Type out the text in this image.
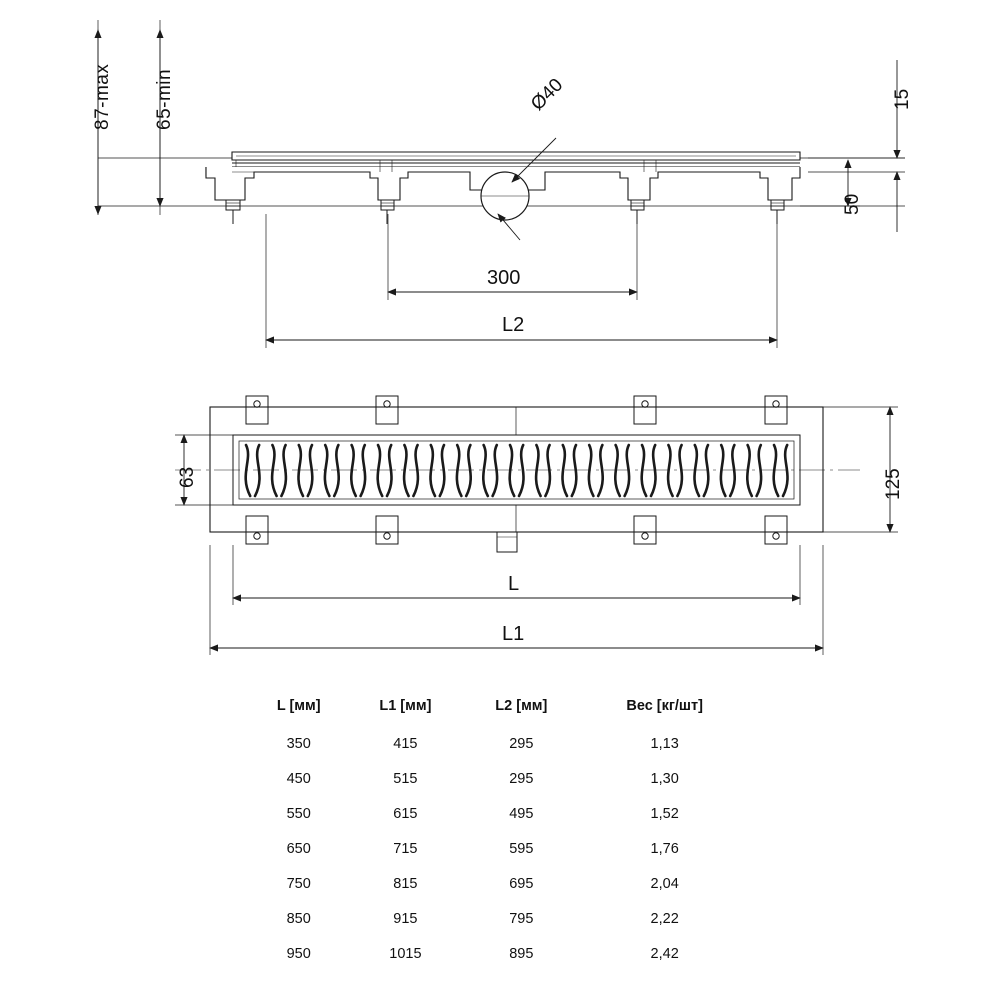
87-max 65-min	Ø40
300
L2
15
50
63	125
L
L1
L [мм]	L1 [мм]	L2 [мм]	Вес [кг/шт]
350	415	295	1,13
450	515	295	1,30
550	615	495	1,52
650	715	595	1,76
750	815	695	2,04
850	915	795	2,22
950	1015	895	2,42
